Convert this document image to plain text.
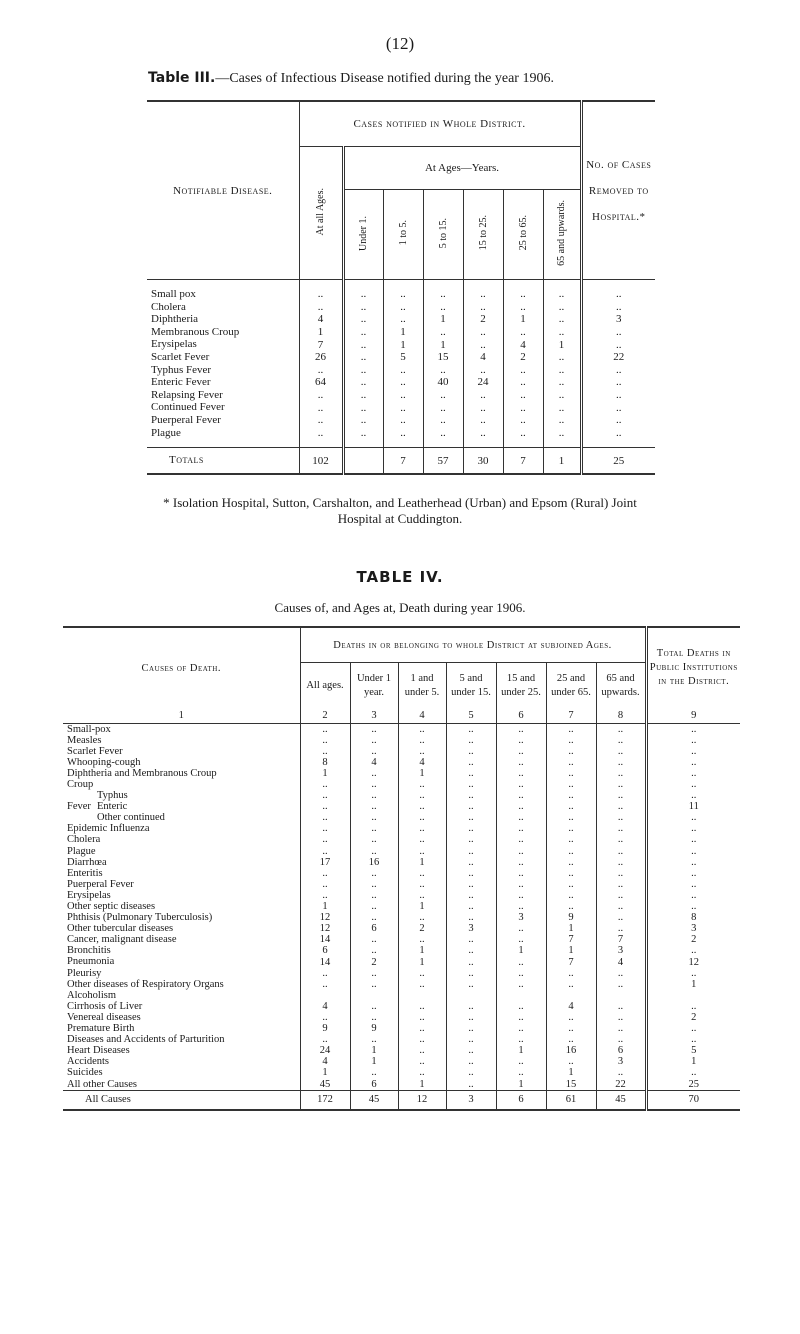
(12)
Table III.—Cases of Infectious Disease notified during the year 1906.
Notifiable Disease.	Cases notified in Whole District.							No. of Cases Removed to Hospital.*
	At all Ages.	At Ages—Years.						
		Under 1.	1 to 5.	5 to 15.	15 to 25.	25 to 65.	65 and upwards.	

Small pox	..	..	..	..	..	..	..	..
Cholera	..	..	..	..	..	..	..	..
Diphtheria	4	..	..	1	2	1	..	3
Membranous Croup	1	..	1	..	..	..	..	..
Erysipelas	7	..	1	1	..	4	1	..
Scarlet Fever	26	..	5	15	4	2	..	22
Typhus Fever	..	..	..	..	..	..	..	..
Enteric Fever	64	..	..	40	24	..	..	..
Relapsing Fever	..	..	..	..	..	..	..	..
Continued Fever	..	..	..	..	..	..	..	..
Puerperal Fever	..	..	..	..	..	..	..	..
Plague	..	..	..	..	..	..	..	..

Totals	102		7	57	30	7	1	25
* Isolation Hospital, Sutton, Carshalton, and Leatherhead (Urban) and Epsom (Rural) Joint Hospital at Cuddington.
TABLE IV.
Causes of, and Ages at, Death during year 1906.
Causes of Death.	Deaths in or belonging to whole District at subjoined Ages.							Total Deaths in Public Institutions in the District.
	All ages.	Under 1 year.	1 and under 5.	5 and under 15.	15 and under 25.	25 and under 65.	65 and upwards.	
1	2	3	4	5	6	7	8	9
Small-pox	..	..	..	..	..	..	..	..
Measles	..	..	..	..	..	..	..	..
Scarlet Fever	..	..	..	..	..	..	..	..
Whooping-cough	8	4	4	..	..	..	..	..
Diphtheria and Membranous Croup	1	..	1	..	..	..	..	..
Croup	..	..	..	..	..	..	..	..
Typhus	..	..	..	..	..	..	..	..
Fever Enteric	..	..	..	..	..	..	..	11
Other continued	..	..	..	..	..	..	..	..
Epidemic Influenza	..	..	..	..	..	..	..	..
Cholera	..	..	..	..	..	..	..	..
Plague	..	..	..	..	..	..	..	..
Diarrhœa	17	16	1	..	..	..	..	..
Enteritis	..	..	..	..	..	..	..	..
Puerperal Fever	..	..	..	..	..	..	..	..
Erysipelas	..	..	..	..	..	..	..	..
Other septic diseases	1	..	1	..	..	..	..	..
Phthisis (Pulmonary Tuberculosis)	12	..	..	..	3	9	..	8
Other tubercular diseases	12	6	2	3	..	1	..	3
Cancer, malignant disease	14	..	..	..	..	7	7	2
Bronchitis	6	..	1	..	1	1	3	..
Pneumonia	14	2	1	..	..	7	4	12
Pleurisy	..	..	..	..	..	..	..	..
Other diseases of Respiratory Organs	..	..	..	..	..	..	..	1
Alcoholism								
Cirrhosis of Liver	4	..	..	..	..	4	..	..
Venereal diseases	..	..	..	..	..	..	..	2
Premature Birth	9	9	..	..	..	..	..	..
Diseases and Accidents of Parturition	..	..	..	..	..	..	..	..
Heart Diseases	24	1	..	..	1	16	6	5
Accidents	4	1	..	..	..	..	3	1
Suicides	1	..	..	..	..	1	..	..
All other Causes	45	6	1	..	1	15	22	25
All Causes	172	45	12	3	6	61	45	70
